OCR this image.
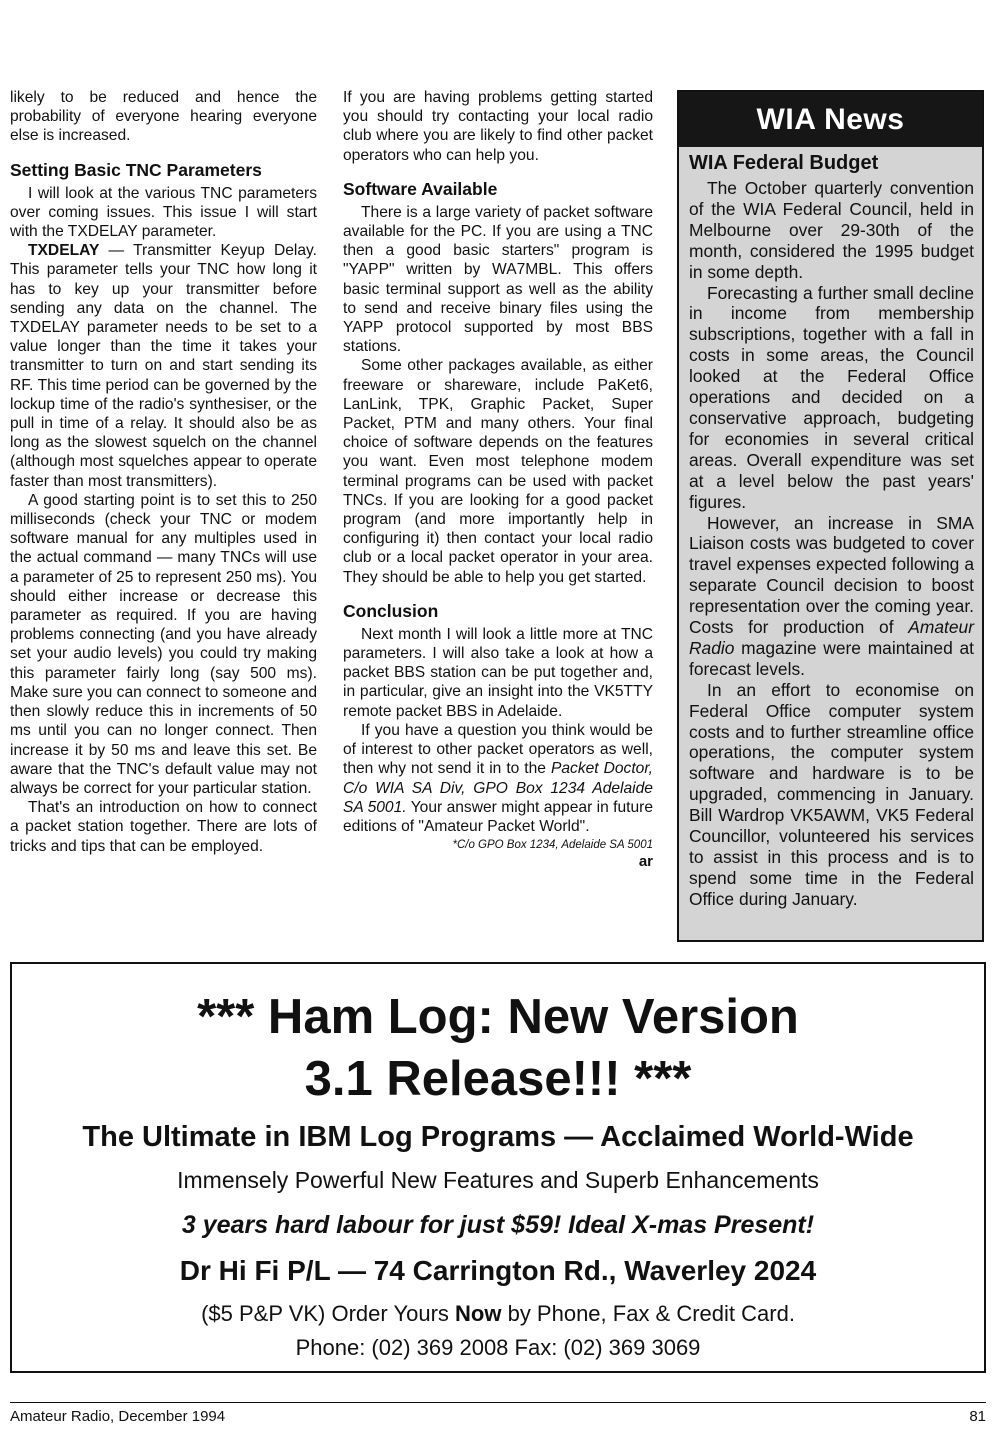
likely to be reduced and hence the probability of everyone hearing everyone else is increased.

Setting Basic TNC Parameters

I will look at the various TNC parameters over coming issues. This issue I will start with the TXDELAY parameter.

TXDELAY — Transmitter Keyup Delay. This parameter tells your TNC how long it has to key up your transmitter before sending any data on the channel. The TXDELAY parameter needs to be set to a value longer than the time it takes your transmitter to turn on and start sending its RF. This time period can be governed by the lockup time of the radio's synthesiser, or the pull in time of a relay. It should also be as long as the slowest squelch on the channel (although most squelches appear to operate faster than most transmitters).

A good starting point is to set this to 250 milliseconds (check your TNC or modem software manual for any multiples used in the actual command — many TNCs will use a parameter of 25 to represent 250 ms). You should either increase or decrease this parameter as required. If you are having problems connecting (and you have already set your audio levels) you could try making this parameter fairly long (say 500 ms). Make sure you can connect to someone and then slowly reduce this in increments of 50 ms until you can no longer connect. Then increase it by 50 ms and leave this set. Be aware that the TNC's default value may not always be correct for your particular station.

That's an introduction on how to connect a packet station together. There are lots of tricks and tips that can be employed.

If you are having problems getting started you should try contacting your local radio club where you are likely to find other packet operators who can help you.

Software Available

There is a large variety of packet software available for the PC. If you are using a TNC then a good basic starters" program is "YAPP" written by WA7MBL. This offers basic terminal support as well as the ability to send and receive binary files using the YAPP protocol supported by most BBS stations.

Some other packages available, as either freeware or shareware, include PaKet6, LanLink, TPK, Graphic Packet, Super Packet, PTM and many others. Your final choice of software depends on the features you want. Even most telephone modem terminal programs can be used with packet TNCs. If you are looking for a good packet program (and more importantly help in configuring it) then contact your local radio club or a local packet operator in your area. They should be able to help you get started.

Conclusion

Next month I will look a little more at TNC parameters. I will also take a look at how a packet BBS station can be put together and, in particular, give an insight into the VK5TTY remote packet BBS in Adelaide.

If you have a question you think would be of interest to other packet operators as well, then why not send it in to the Packet Doctor, C/o WIA SA Div, GPO Box 1234 Adelaide SA 5001. Your answer might appear in future editions of "Amateur Packet World".

*C/o GPO Box 1234, Adelaide SA 5001
ar
WIA News
WIA Federal Budget

The October quarterly convention of the WIA Federal Council, held in Melbourne over 29-30th of the month, considered the 1995 budget in some depth.

Forecasting a further small decline in income from membership subscriptions, together with a fall in costs in some areas, the Council looked at the Federal Office operations and decided on a conservative approach, budgeting for economies in several critical areas. Overall expenditure was set at a level below the past years' figures.

However, an increase in SMA Liaison costs was budgeted to cover travel expenses expected following a separate Council decision to boost representation over the coming year. Costs for production of Amateur Radio magazine were maintained at forecast levels.

In an effort to economise on Federal Office computer system costs and to further streamline office operations, the computer system software and hardware is to be upgraded, commencing in January. Bill Wardrop VK5AWM, VK5 Federal Councillor, volunteered his services to assist in this process and is to spend some time in the Federal Office during January.

*** Ham Log: New Version
3.1 Release!!! ***
The Ultimate in IBM Log Programs — Acclaimed World-Wide
Immensely Powerful New Features and Superb Enhancements
3 years hard labour for just $59! Ideal X-mas Present!
Dr Hi Fi P/L — 74 Carrington Rd., Waverley 2024
($5 P&P VK) Order Yours Now by Phone, Fax & Credit Card.
Phone: (02) 369 2008 Fax: (02) 369 3069
Amateur Radio, December 1994	81
